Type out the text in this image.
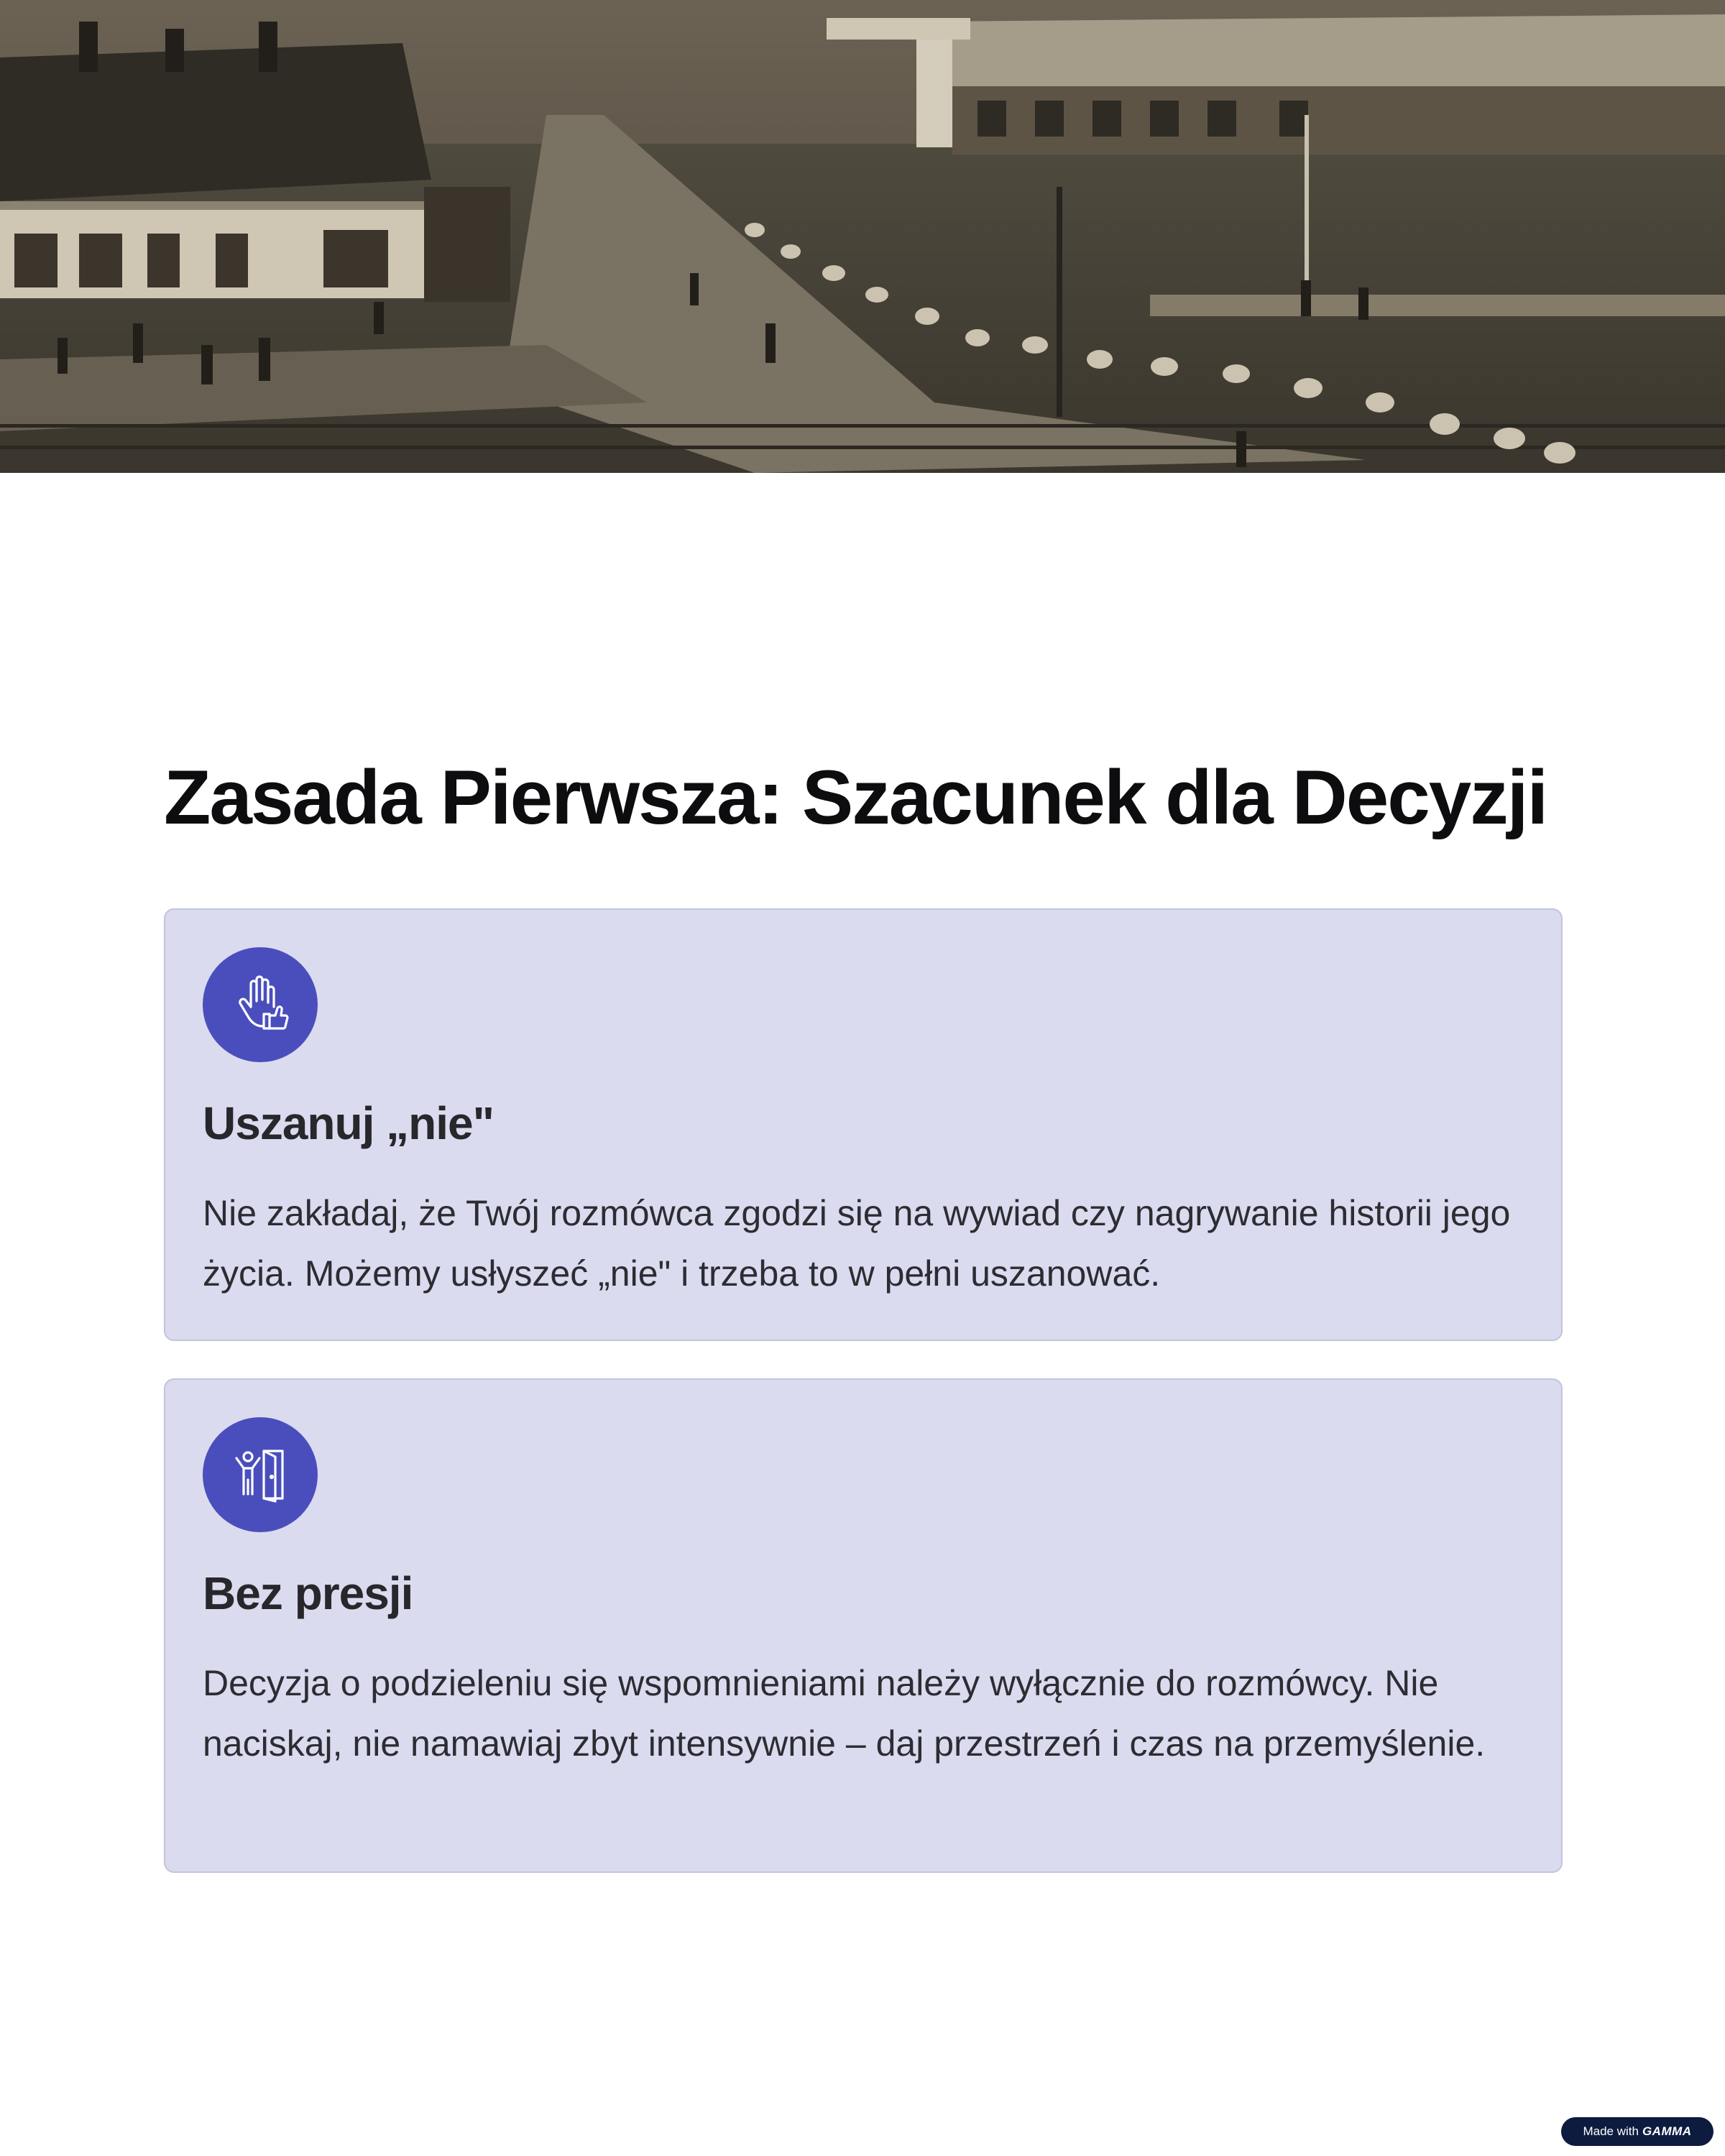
Zasada Pierwsza: Szacunek dla Decyzji
Uszanuj „nie"

Nie zakładaj, że Twój rozmówca zgodzi się na wywiad czy nagrywanie historii jego życia. Możemy usłyszeć „nie" i trzeba to w pełni uszanować.

Bez presji

Decyzja o podzieleniu się wspomnieniami należy wyłącznie do rozmówcy. Nie naciskaj, nie namawiaj zbyt intensywnie – daj przestrzeń i czas na przemyślenie.

Made with GAMMA
